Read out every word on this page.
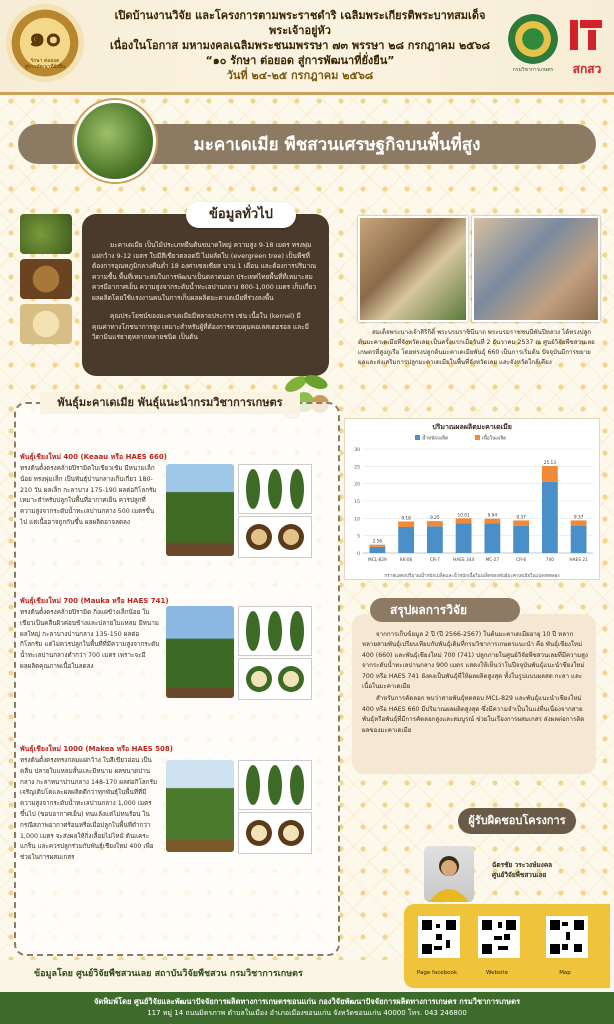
๑๐
รักษา ต่อยอด
สู่การพัฒนาที่ยั่งยืน
เปิดบ้านงานวิจัย และโครงการตามพระราชดำริ เฉลิมพระเกียรติพระบาทสมเด็จพระเจ้าอยู่หัว
เนื่องในโอกาส มหามงคลเฉลิมพระชนมพรรษา ๗๓ พรรษา ๒๘ กรกฎาคม ๒๕๖๘
“๑๐ รักษา ต่อยอด สู่การพัฒนาที่ยั่งยืน”
วันที่ ๒๔-๒๕ กรกฎาคม ๒๕๖๘	กรมวิชาการเกษตร	สกสว
มะคาเดเมีย พืชสวนเศรษฐกิจบนพื้นที่สูง
มะคาเดเมีย เป็นไม้ประเภทยืนต้นขนาดใหญ่ ความสูง 9-18 เมตร ทรงพุ่มแผ่กว้าง 9-12 เมตร ใบมีสีเขียวตลอดปี ไม่ผลัดใบ (evergreen tree) เป็นพืชที่ต้องการอุณหภูมิกลางคืนต่ำ 18 องศาเซลเซียส นาน 1 เดือน และต้องการปริมาณความชื้น พื้นที่เหมาะสมในการพัฒนาเป็นตลาดนอก ประเทศไทยพื้นที่ที่เหมาะสม ควรมีอากาศเย็น ความสูงจากระดับน้ำทะเลปานกลาง 800-1,000 เมตร เก็บเกี่ยวผลผลิตโดยใช้แรงงานคนในการเก็บผลผลิตมะคาเดเมียที่ร่วงลงพื้น
คุณประโยชน์ของมะคาเดเมียมีหลายประการ เช่น เนื้อใน (kernel) มีคุณค่าทางโภชนาการสูง เหมาะสำหรับผู้ที่ต้องการควบคุมคอเลสเตอรอล และมีวิตามินแร่ธาตุหลากหลายชนิด เป็นต้น
ข้อมูลทั่วไป
พันธุ์มะคาเดเมีย พันธุ์แนะนำกรมวิชาการเกษตร
พันธุ์เชียงใหม่ 400 (Keaau หรือ HAES 660)
ทรงต้นตั้งตรงคล้ายปิรามิดใบเขียวเข้ม มีหนามเล็กน้อย ทรงพุ่มเล็ก เป็นพันธุ์ปานกลางเก็บเกี่ยว 180-210 วัน ผลเล็ก กะลาบาง 175-190 ผลต่อกิโลกรัม เหมาะสำหรับปลูกในพื้นที่อากาศเย็น ควรปลูกที่ความสูงจากระดับน้ำทะเลปานกลาง 500 เมตรขึ้นไป แต่เนื้ออาจถูกกันขึ้น ผลผลิตอาจลดลง
พันธุ์เชียงใหม่ 700 (Mauka หรือ HAES 741)
ทรงต้นตั้งตรงคล้ายปิรามิด กิ่งแผ่ข้างเล็กน้อย ใบเขียวเป็นคลื่นผิวค่อนข้างและปลายใบแหลม มีหนาม ผลใหญ่ กะลาบางปานกลาง 135-150 ผลต่อกิโลกรัม แต่ไม่ควรปลูกในพื้นที่ที่มีความสูงจากระดับน้ำทะเลปานกลางต่ำกว่า 700 เมตร เพราะจะมีผลผลิตคุณภาพเนื้อในลดลง
พันธุ์เชียงใหม่ 1000 (Makea หรือ HAES 508)
ทรงต้นตั้งตรงทรงกลมแผ่กว้าง ใบสีเขียวอ่อน เป็นคลื่น ปลายใบแหลมสั้นและมีหนาม ผลขนาดปานกลาง กะลาหนาปานกลาง 148-170 ผลต่อกิโลกรัม เจริญเติบโตและผลผลิตดีกว่าทุกพันธุ์ในพื้นที่ที่มีความสูงจากระดับน้ำทะเลปานกลาง 1,000 เมตรขึ้นไป (ขอบอากาศเย็น) ทนแล้งแต่ไม่ทนร้อน ในกรณีสภาพอากาศร้อนหรือเมื่อปลูกในพื้นที่ต่ำกว่า 1,000 เมตร จะส่งผลให้กิ่งเลื้อยไม่ไหม้ ต้นแคระแกร็น และควรปลูกร่วมกับพันธุ์เชียงใหม่ 400 เพื่อช่วยในการผสมเกสร
สมเด็จพระนางเจ้าสิริกิติ์ พระบรมราชินีนาถ พระบรมราชชนนีพันปีหลวง ได้ทรงปลูกต้นมะคาเดเมียที่จังหวัดเลย เป็นครั้งแรกเมื่อวันที่ 2 ธันวาคม 2537 ณ ศูนย์วิจัยพืชสวนเลย เกษตรที่สูงภูเรือ โดยทรงปลูกต้นมะคาเดเมียพันธุ์ 660 เป็นการเริ่มต้น ปัจจุบันมีการขยายผลและส่งเสริมการปลูกมะคาเดเมียในพื้นที่จังหวัดเลย และจังหวัดใกล้เคียง
ปริมาณผลผลิตมะคาเดเมีย
น้ำหนักเมล็ด	เนื้อในเมล็ด
0
5
10
15
20
25
30
MCL-829	KK-06	CR-7	HAES 344	MC-27	CR-6	740	HAES 21
2.56
9.18	9.25
10.01	9.94	9.37
25.13
9.37
กราฟแสดงปริมาณน้ำหนักเมล็ดและน้ำหนักเนื้อในเมล็ดของพันธุ์มะคาเดเมียในแปลงทดลอง

จากการเก็บข้อมูล 2 ปี (ปี 2566-2567) ในต้นมะคาเดเมียอายุ 10 ปี หลากหลายสายพันธุ์เปรียบเทียบกับพันธุ์เดิมที่กรมวิชาการเกษตรแนะนำ คือ พันธุ์เชียงใหม่ 400 (660) และพันธุ์เชียงใหม่ 700 (741) ปลูกภายในศูนย์วิจัยพืชสวนเลยที่มีความสูงจากระดับน้ำทะเลปานกลาง 900 เมตร แสดงให้เห็นว่าในปีจจุบันพันธุ์แนะนำชียงใหม่ 700 หรือ HAES 741 ยังคงเป็นพันธุ์ที่ให้ผลผลิตสูงสุด ทั้งในรูปแบบผลสด กะลา และเนื้อในมะคาเดเมีย

สำหรับการคัดลอก พบว่าสายพันธุ์ทดสอบ MCL-829 และพันธุ์แนะนำเชียงใหม่ 400 หรือ HAES 660 มีปริมาณผลผลิตสูงสุด ซึ่งมีความจำเป็นในแง่ที่นเนื่องจากสายพันธุ์หรือพันธุ์ที่มีการคัดลอกสูงและสมบูรณ์ ช่วยในเรื่องการผสมเกสร ส่งผลต่อการติดผลของมะคาเดเมีย

สรุปผลการวิจัย
ผู้รับผิดชอบโครงการ
ฉัตรชัย วระวงษ์มงคล
ศูนย์วิจัยพืชสวนเลย
Page facebook	Website	Map
ข้อมูลโดย ศูนย์วิจัยพืชสวนเลย สถาบันวิจัยพืชสวน กรมวิชาการเกษตร
จัดพิมพ์โดย ศูนย์วิจัยและพัฒนาปัจจัยการผลิตทางการเกษตรขอนแก่น กองวิจัยพัฒนาปัจจัยการผลิตทางการเกษตร กรมวิชาการเกษตร
117 หมู่ 14 ถนนมิตรภาพ ตำบลในเมือง อำเภอเมืองขอนแก่น จังหวัดขอนแก่น 40000 โทร. 043 246800
